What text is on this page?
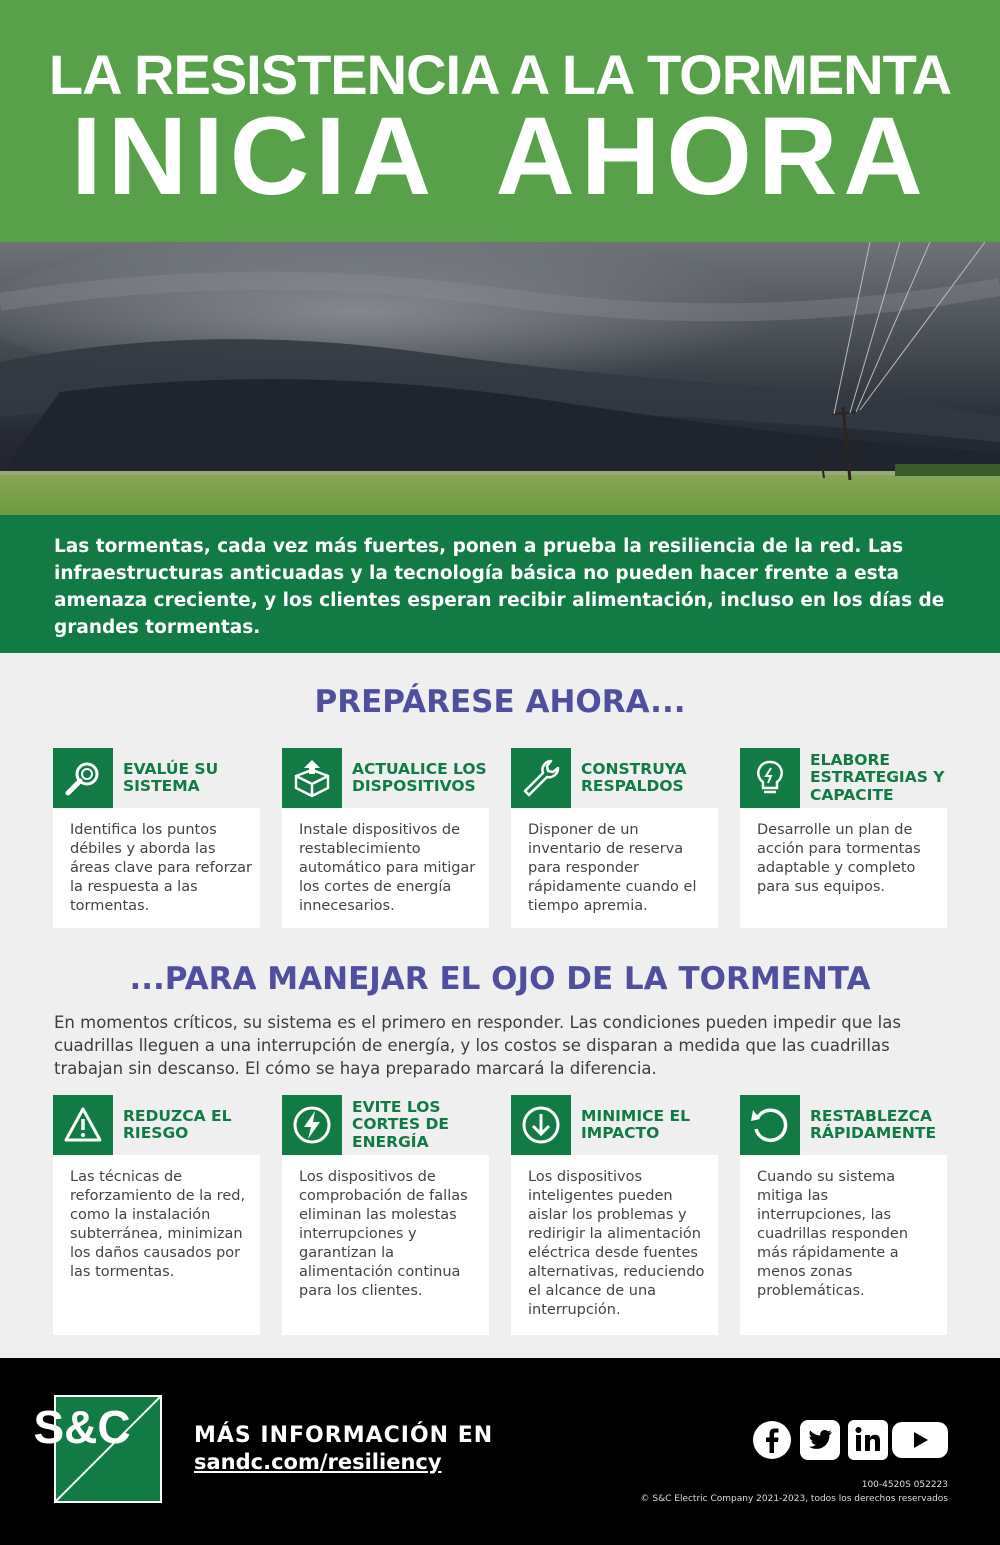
LA RESISTENCIA A LA TORMENTA
INICIA AHORA
Las tormentas, cada vez más fuertes, ponen a prueba la resiliencia de la red. Las infraestructuras anticuadas y la tecnología básica no pueden hacer frente a esta amenaza creciente, y los clientes esperan recibir alimentación, incluso en los días de grandes tormentas.
PREPÁRESE AHORA...
EVALÚE SU SISTEMA
Identifica los puntos débiles y aborda las áreas clave para reforzar la respuesta a las tormentas.
ACTUALICE LOS DISPOSITIVOS
Instale dispositivos de restablecimiento automático para mitigar los cortes de energía innecesarios.
CONSTRUYA RESPALDOS
Disponer de un inventario de reserva para responder rápidamente cuando el tiempo apremia.
ELABORE ESTRATEGIAS Y CAPACITE
Desarrolle un plan de acción para tormentas adaptable y completo para sus equipos.
...PARA MANEJAR EL OJO DE LA TORMENTA
En momentos críticos, su sistema es el primero en responder. Las condiciones pueden impedir que las cuadrillas lleguen a una interrupción de energía, y los costos se disparan a medida que las cuadrillas trabajan sin descanso. El cómo se haya preparado marcará la diferencia.
REDUZCA EL RIESGO
Las técnicas de reforzamiento de la red, como la instalación subterránea, minimizan los daños causados por las tormentas.
EVITE LOS CORTES DE ENERGÍA
Los dispositivos de comprobación de fallas eliminan las molestas interrupciones y garantizan la alimentación continua para los clientes.
MINIMICE EL IMPACTO
Los dispositivos inteligentes pueden aislar los problemas y redirigir la alimentación eléctrica desde fuentes alternativas, reduciendo el alcance de una interrupción.
RESTABLEZCA RÁPIDAMENTE
Cuando su sistema mitiga las interrupciones, las cuadrillas responden más rápidamente a menos zonas problemáticas.
S&C	MÁS INFORMACIÓN EN
sandc.com/resiliency
100-4520S 052223
© S&C Electric Company 2021-2023, todos los derechos reservados
